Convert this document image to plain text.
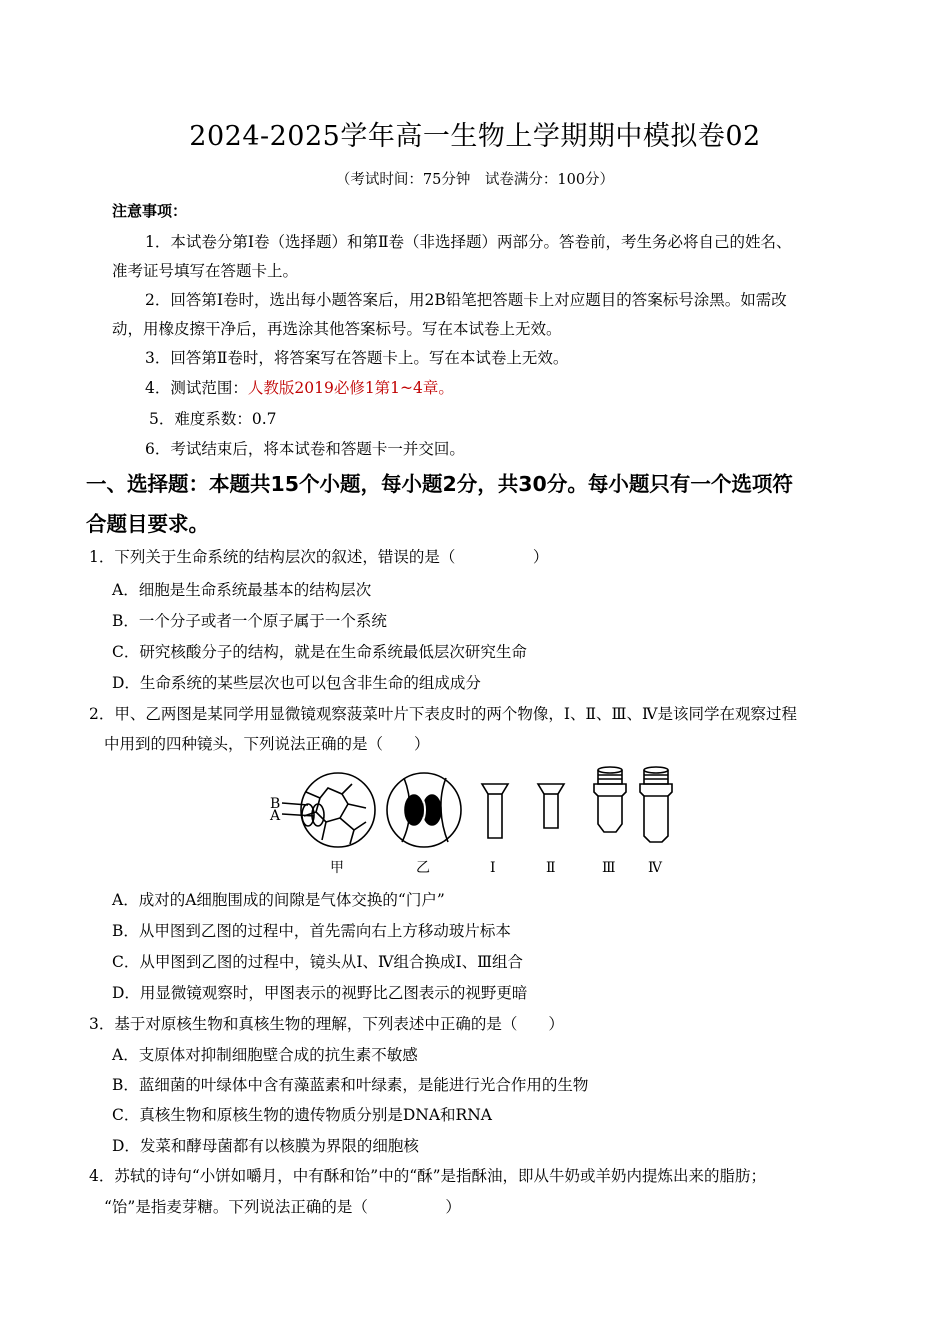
2024-2025学年高一生物上学期期中模拟卷02
（考试时间：75分钟　试卷满分：100分）
注意事项：
1．本试卷分第Ⅰ卷（选择题）和第Ⅱ卷（非选择题）两部分。答卷前，考生务必将自己的姓名、
准考证号填写在答题卡上。
2．回答第Ⅰ卷时，选出每小题答案后，用2B铅笔把答题卡上对应题目的答案标号涂黑。如需改
动，用橡皮擦干净后，再选涂其他答案标号。写在本试卷上无效。
3．回答第Ⅱ卷时，将答案写在答题卡上。写在本试卷上无效。
4．测试范围：人教版2019必修1第1~4章。
5．难度系数：0.7
6．考试结束后，将本试卷和答题卡一并交回。
一、选择题：本题共15个小题，每小题2分，共30分。每小题只有一个选项符
合题目要求。
1．下列关于生命系统的结构层次的叙述，错误的是（　　　　　）
A．细胞是生命系统最基本的结构层次
B．一个分子或者一个原子属于一个系统
C．研究核酸分子的结构，就是在生命系统最低层次研究生命
D．生命系统的某些层次也可以包含非生命的组成成分
2．甲、乙两图是某同学用显微镜观察菠菜叶片下表皮时的两个物像，Ⅰ、Ⅱ、Ⅲ、Ⅳ是该同学在观察过程
中用到的四种镜头，下列说法正确的是（　　）
B
A
甲	乙	Ⅰ	Ⅱ	Ⅲ Ⅳ
A．成对的A细胞围成的间隙是气体交换的“门户”
B．从甲图到乙图的过程中，首先需向右上方移动玻片标本
C．从甲图到乙图的过程中，镜头从Ⅰ、Ⅳ组合换成Ⅰ、Ⅲ组合
D．用显微镜观察时，甲图表示的视野比乙图表示的视野更暗
3．基于对原核生物和真核生物的理解，下列表述中正确的是（　　）
A．支原体对抑制细胞壁合成的抗生素不敏感
B．蓝细菌的叶绿体中含有藻蓝素和叶绿素，是能进行光合作用的生物
C．真核生物和原核生物的遗传物质分别是DNA和RNA
D．发菜和酵母菌都有以核膜为界限的细胞核
4．苏轼的诗句“小饼如嚼月，中有酥和饴”中的“酥”是指酥油，即从牛奶或羊奶内提炼出来的脂肪；
“饴”是指麦芽糖。下列说法正确的是（　　　　　）
